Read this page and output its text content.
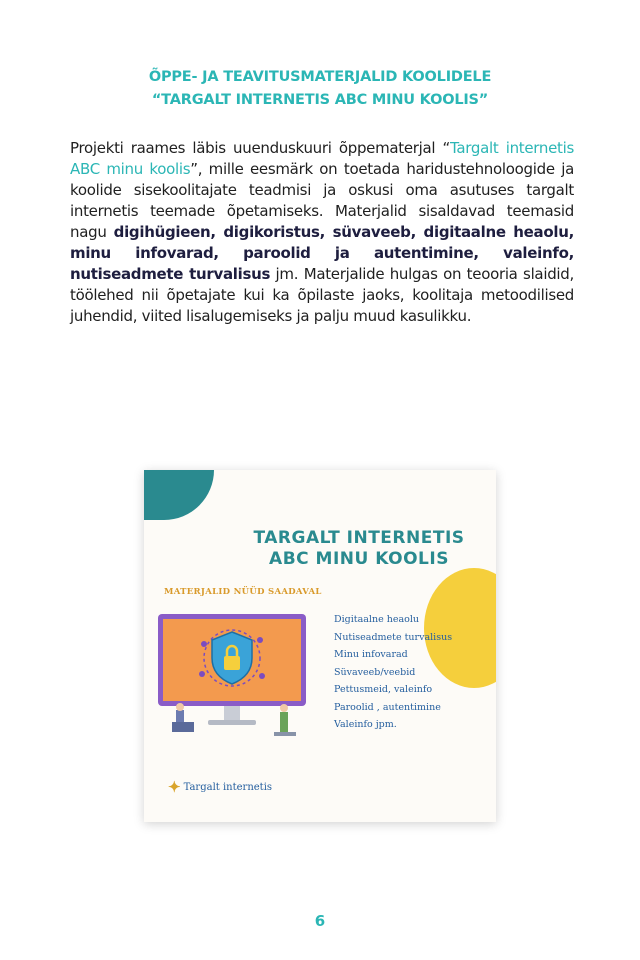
ÕPPE- JA TEAVITUSMATERJALID KOOLIDELE
“TARGALT INTERNETIS ABC MINU KOOLIS”

Projekti raames läbis uuenduskuuri õppematerjal “Targalt internetis ABC minu koolis”, mille eesmärk on toetada haridustehnoloogide ja koolide sisekoolitajate teadmisi ja oskusi oma asutuses targalt internetis teemade õpetamiseks. Materjalid sisaldavad teemasid nagu digihügieen, digikoristus, süvaveeb, digitaalne heaolu, minu infovarad, paroolid ja autentimine, valeinfo, nutiseadmete turvalisus jm. Materjalide hulgas on teooria slaidid, töölehed nii õpetajate kui ka õpilaste jaoks, koolitaja metoodilised juhendid, viited lisalugemiseks ja palju muud kasulikku.

TARGALT INTERNETIS
ABC MINU KOOLIS
MATERJALID NÜÜD SAADAVAL
Digitaalne heaolu
Nutiseadmete turvalisus
Minu infovarad
Süvaveeb/veebid
Pettusmeid, valeinfo
Paroolid , autentimine
Valeinfo jpm.
✦ Targalt internetis
6
